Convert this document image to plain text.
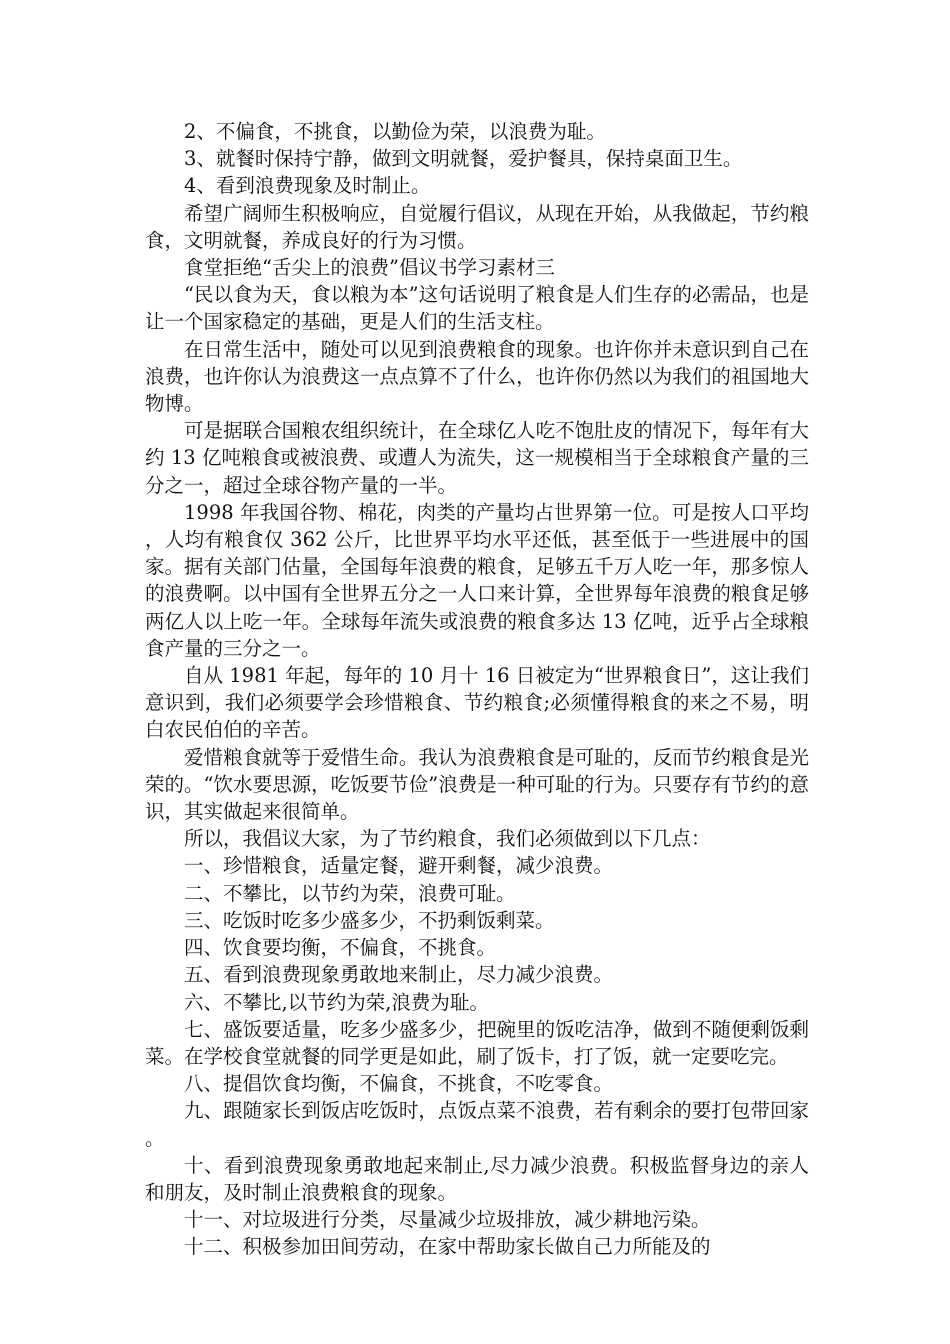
2、不偏食，不挑食，以勤俭为荣，以浪费为耻。

3、就餐时保持宁静，做到文明就餐，爱护餐具，保持桌面卫生。

4、看到浪费现象及时制止。

希望广阔师生积极响应，自觉履行倡议，从现在开始，从我做起，节约粮食，文明就餐，养成良好的行为习惯。

食堂拒绝“舌尖上的浪费”倡议书学习素材三

“民以食为天，食以粮为本”这句话说明了粮食是人们生存的必需品，也是让一个国家稳定的基础，更是人们的生活支柱。

在日常生活中，随处可以见到浪费粮食的现象。也许你并未意识到自己在浪费，也许你认为浪费这一点点算不了什么，也许你仍然以为我们的祖国地大物博。

可是据联合国粮农组织统计，在全球亿人吃不饱肚皮的情况下，每年有大约 13 亿吨粮食或被浪费、或遭人为流失，这一规模相当于全球粮食产量的三分之一，超过全球谷物产量的一半。

1998 年我国谷物、棉花，肉类的产量均占世界第一位。可是按人口平均，人均有粮食仅 362 公斤，比世界平均水平还低，甚至低于一些进展中的国家。据有关部门估量，全国每年浪费的粮食，足够五千万人吃一年，那多惊人的浪费啊。以中国有全世界五分之一人口来计算，全世界每年浪费的粮食足够两亿人以上吃一年。全球每年流失或浪费的粮食多达 13 亿吨，近乎占全球粮食产量的三分之一。

自从 1981 年起，每年的 10 月十 16 日被定为“世界粮食日”，这让我们意识到，我们必须要学会珍惜粮食、节约粮食;必须懂得粮食的来之不易，明白农民伯伯的辛苦。

爱惜粮食就等于爱惜生命。我认为浪费粮食是可耻的，反而节约粮食是光荣的。“饮水要思源，吃饭要节俭”浪费是一种可耻的行为。只要存有节约的意识，其实做起来很简单。

所以，我倡议大家，为了节约粮食，我们必须做到以下几点：

一、珍惜粮食，适量定餐，避开剩餐，减少浪费。

二、不攀比，以节约为荣，浪费可耻。

三、吃饭时吃多少盛多少，不扔剩饭剩菜。

四、饮食要均衡，不偏食，不挑食。

五、看到浪费现象勇敢地来制止，尽力减少浪费。

六、不攀比,以节约为荣,浪费为耻。

七、盛饭要适量，吃多少盛多少，把碗里的饭吃洁净，做到不随便剩饭剩菜。在学校食堂就餐的同学更是如此，刷了饭卡，打了饭，就一定要吃完。

八、提倡饮食均衡，不偏食，不挑食，不吃零食。

九、跟随家长到饭店吃饭时，点饭点菜不浪费，若有剩余的要打包带回家。

十、看到浪费现象勇敢地起来制止,尽力减少浪费。积极监督身边的亲人和朋友，及时制止浪费粮食的现象。

十一、对垃圾进行分类，尽量减少垃圾排放，减少耕地污染。

十二、积极参加田间劳动，在家中帮助家长做自己力所能及的
